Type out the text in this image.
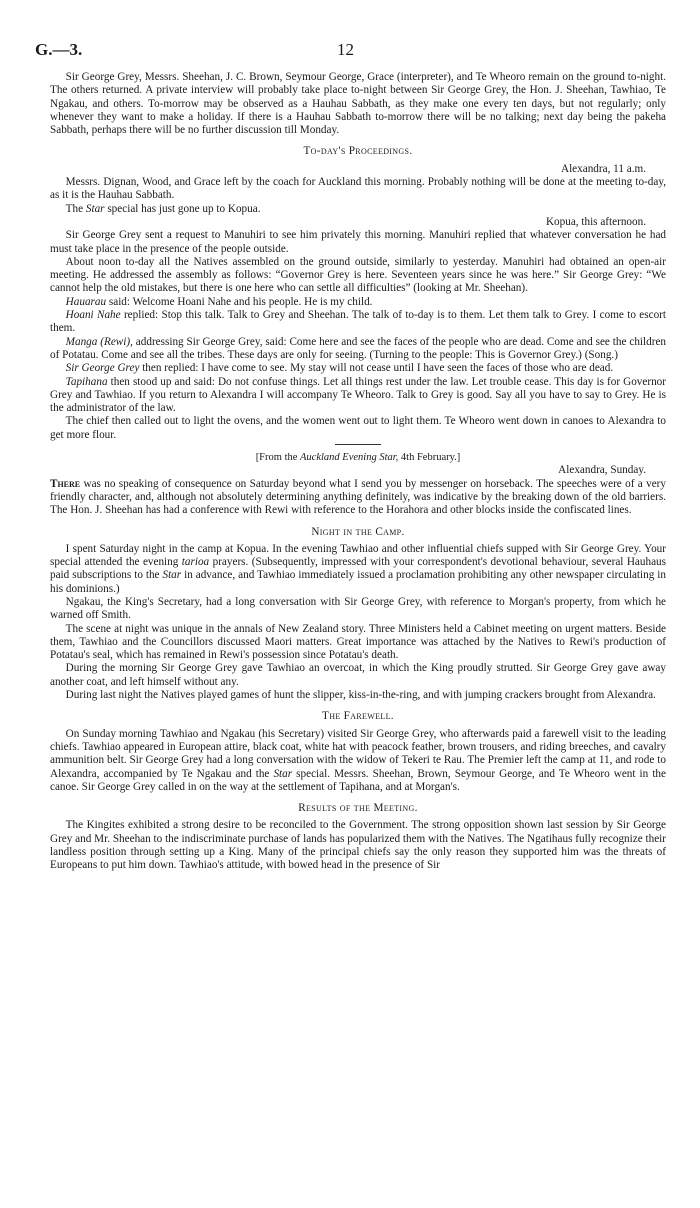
G.—3.	12

Sir George Grey, Messrs. Sheehan, J. C. Brown, Seymour George, Grace (interpreter), and Te Wheoro remain on the ground to-night. The others returned. A private interview will probably take place to-night between Sir George Grey, the Hon. J. Sheehan, Tawhiao, Te Ngakau, and others. To-morrow may be observed as a Hauhau Sabbath, as they make one every ten days, but not regularly; only whenever they want to make a holiday. If there is a Hauhau Sabbath to-morrow there will be no talking; next day being the pakeha Sabbath, perhaps there will be no further discussion till Monday.

To-day's Proceedings.

Alexandra, 11 a.m.

Messrs. Dignan, Wood, and Grace left by the coach for Auckland this morning. Probably nothing will be done at the meeting to-day, as it is the Hauhau Sabbath.

The Star special has just gone up to Kopua.

Kopua, this afternoon.

Sir George Grey sent a request to Manuhiri to see him privately this morning. Manuhiri replied that whatever conversation he had must take place in the presence of the people outside.

About noon to-day all the Natives assembled on the ground outside, similarly to yesterday. Manuhiri had obtained an open-air meeting. He addressed the assembly as follows: “Governor Grey is here. Seventeen years since he was here.” Sir George Grey: “We cannot help the old mistakes, but there is one here who can settle all difficulties” (looking at Mr. Sheehan).

Hauarau said: Welcome Hoani Nahe and his people. He is my child.

Hoani Nahe replied: Stop this talk. Talk to Grey and Sheehan. The talk of to-day is to them. Let them talk to Grey. I come to escort them.

Manga (Rewi), addressing Sir George Grey, said: Come here and see the faces of the people who are dead. Come and see the children of Potatau. Come and see all the tribes. These days are only for seeing. (Turning to the people: This is Governor Grey.) (Song.)

Sir George Grey then replied: I have come to see. My stay will not cease until I have seen the faces of those who are dead.

Tapihana then stood up and said: Do not confuse things. Let all things rest under the law. Let trouble cease. This day is for Governor Grey and Tawhiao. If you return to Alexandra I will accompany Te Wheoro. Talk to Grey is good. Say all you have to say to Grey. He is the administrator of the law.

The chief then called out to light the ovens, and the women went out to light them. Te Wheoro went down in canoes to Alexandra to get more flour.

[From the Auckland Evening Star, 4th February.]

Alexandra, Sunday.

There was no speaking of consequence on Saturday beyond what I send you by messenger on horseback. The speeches were of a very friendly character, and, although not absolutely determining anything definitely, was indicative by the breaking down of the old barriers. The Hon. J. Sheehan has had a conference with Rewi with reference to the Horahora and other blocks inside the confiscated lines.

Night in the Camp.

I spent Saturday night in the camp at Kopua. In the evening Tawhiao and other influential chiefs supped with Sir George Grey. Your special attended the evening tarioa prayers. (Subsequently, impressed with your correspondent's devotional behaviour, several Hauhaus paid subscriptions to the Star in advance, and Tawhiao immediately issued a proclamation prohibiting any other newspaper circulating in his dominions.)

Ngakau, the King's Secretary, had a long conversation with Sir George Grey, with reference to Morgan's property, from which he warned off Smith.

The scene at night was unique in the annals of New Zealand story. Three Ministers held a Cabinet meeting on urgent matters. Beside them, Tawhiao and the Councillors discussed Maori matters. Great importance was attached by the Natives to Rewi's production of Potatau's seal, which has remained in Rewi's possession since Potatau's death.

During the morning Sir George Grey gave Tawhiao an overcoat, in which the King proudly strutted. Sir George Grey gave away another coat, and left himself without any.

During last night the Natives played games of hunt the slipper, kiss-in-the-ring, and with jumping crackers brought from Alexandra.

The Farewell.

On Sunday morning Tawhiao and Ngakau (his Secretary) visited Sir George Grey, who afterwards paid a farewell visit to the leading chiefs. Tawhiao appeared in European attire, black coat, white hat with peacock feather, brown trousers, and riding breeches, and cavalry ammunition belt. Sir George Grey had a long conversation with the widow of Tekeri te Rau. The Premier left the camp at 11, and rode to Alexandra, accompanied by Te Ngakau and the Star special. Messrs. Sheehan, Brown, Seymour George, and Te Wheoro went in the canoe. Sir George Grey called in on the way at the settlement of Tapihana, and at Morgan's.

Results of the Meeting.

The Kingites exhibited a strong desire to be reconciled to the Government. The strong opposition shown last session by Sir George Grey and Mr. Sheehan to the indiscriminate purchase of lands has popularized them with the Natives. The Ngatihaus fully recognize their landless position through setting up a King. Many of the principal chiefs say the only reason they supported him was the threats of Europeans to put him down. Tawhiao's attitude, with bowed head in the presence of Sir
